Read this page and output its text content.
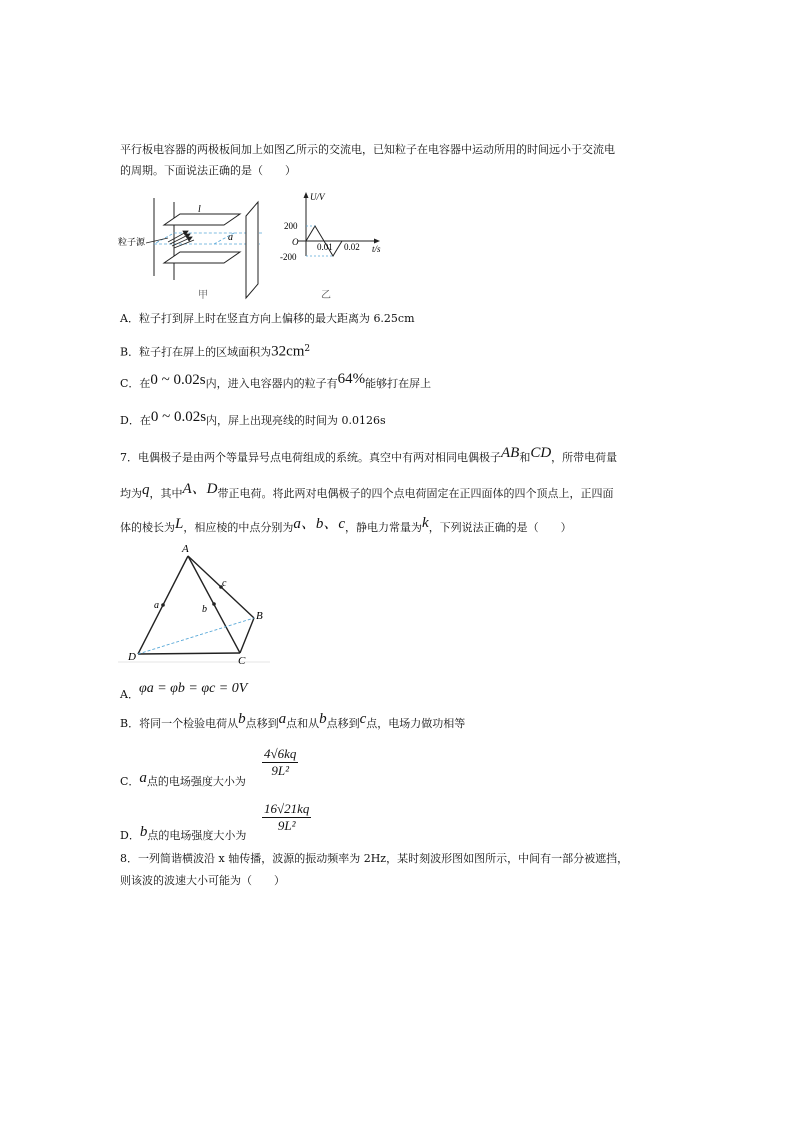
平行板电容器的两极板间加上如图乙所示的交流电，已知粒子在电容器中运动所用的时间远小于交流电
的周期。下面说法正确的是（　　）
l
a
粒子源
甲
U/V
t/s
O
200
-200
0.01 0.02
乙
A．粒子打到屏上时在竖直方向上偏移的最大距离为 6.25cm
B．粒子打在屏上的区域面积为$32cm^2$
C．在0 ~ 0.02s内，进入电容器内的粒子有64%能够打在屏上
D．在0 ~ 0.02s内，屏上出现亮线的时间为 0.0126s
7．电偶极子是由两个等量异号点电荷组成的系统。真空中有两对相同电偶极子AB和CD，所带电荷量
均为q，其中A、D带正电荷。将此两对电偶极子的四个点电荷固定在正四面体的四个顶点上，正四面
体的棱长为L，相应棱的中点分别为a、b、c，静电力常量为k，下列说法正确的是（　　）
A
B
C
D
a	b
c
A．φa = φb = φc = 0V
B．将同一个检验电荷从b点移到a点和从b点移到c点，电场力做功相等
C．a点的电场强度大小为
$\frac{4√6kq}{\text{9L²}}$
D．b点的电场强度大小为
$\frac{16√21kq}{\text{9L²}}$
8．一列简谐横波沿 x 轴传播，波源的振动频率为 2Hz，某时刻波形图如图所示，中间有一部分被遮挡，
则该波的波速大小可能为（　　）
